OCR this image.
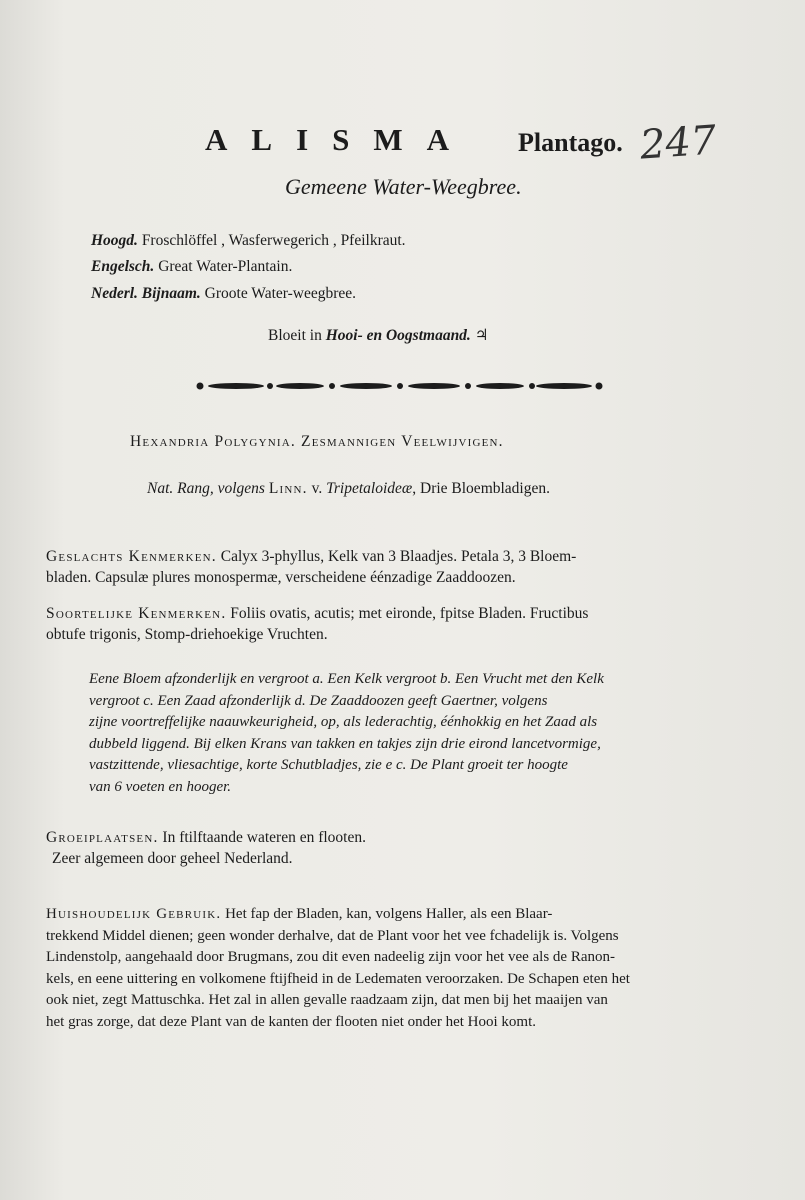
ALISMA Plantago. 247
Gemeene Water-Weegbree.
Hoogd. Froschlöffel , Wasferwegerich , Pfeilkraut.
Engelsch. Great Water-Plantain.
Nederl. Bijnaam. Groote Water-weegbree.
Bloeit in Hooi- en Oogstmaand. ♃
Hexandria Polygynia. Zesmannigen Veelwijvigen.
Nat. Rang, volgens Linn. v. Tripetaloideæ, Drie Bloembladigen.

Geslachts Kenmerken. Calyx 3-phyllus, Kelk van 3 Blaadjes. Petala 3, 3 Bloem-

bladen. Capsulæ plures monospermæ, verscheidene éénzadige Zaaddoozen.

Soortelijke Kenmerken. Foliis ovatis, acutis; met eironde, fpitse Bladen. Fructibus

obtufe trigonis, Stomp-driehoekige Vruchten.

Eene Bloem afzonderlijk en vergroot a. Een Kelk vergroot b. Een Vrucht met den Kelk

vergroot c. Een Zaad afzonderlijk d. De Zaaddoozen geeft Gaertner, volgens

zijne voortreffelijke naauwkeurigheid, op, als lederachtig, éénhokkig en het Zaad als

dubbeld liggend. Bij elken Krans van takken en takjes zijn drie eirond lancetvormige,

vastzittende, vliesachtige, korte Schutbladjes, zie e c. De Plant groeit ter hoogte

van 6 voeten en hooger.

Groeiplaatsen. In ftilftaande wateren en flooten.

Zeer algemeen door geheel Nederland.

Huishoudelijk Gebruik. Het fap der Bladen, kan, volgens Haller, als een Blaar-

trekkend Middel dienen; geen wonder derhalve, dat de Plant voor het vee fchadelijk is. Volgens

Lindenstolp, aangehaald door Brugmans, zou dit even nadeelig zijn voor het vee als de Ranon-

kels, en eene uittering en volkomene ftijfheid in de Ledematen veroorzaken. De Schapen eten het

ook niet, zegt Mattuschka. Het zal in allen gevalle raadzaam zijn, dat men bij het maaijen van

het gras zorge, dat deze Plant van de kanten der flooten niet onder het Hooi komt.
